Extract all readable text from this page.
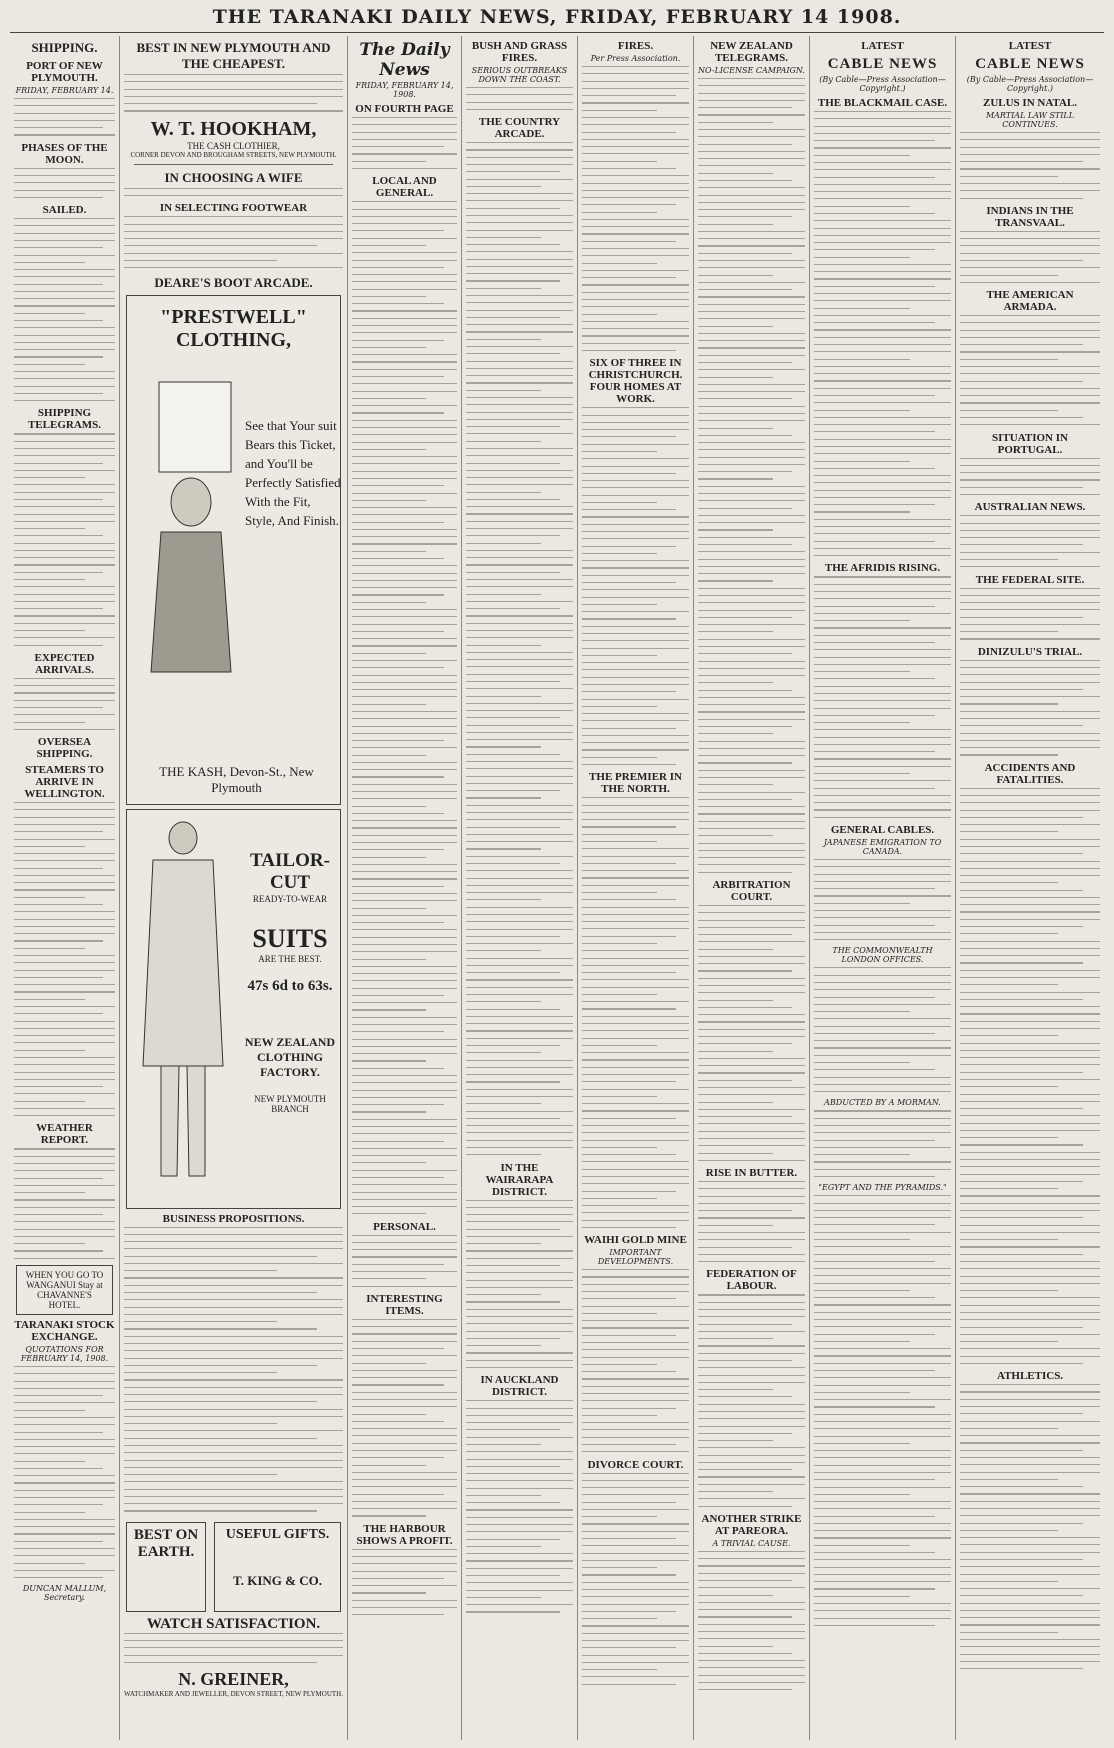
THE TARANAKI DAILY NEWS, FRIDAY, FEBRUARY 14 1908.
SHIPPING.
PORT OF NEW PLYMOUTH.
FRIDAY, FEBRUARY 14.
PHASES OF THE MOON.
SAILED.
SHIPPING TELEGRAMS.
EXPECTED ARRIVALS.
OVERSEA SHIPPING.
STEAMERS TO ARRIVE IN WELLINGTON.
WEATHER REPORT.
WHEN YOU GO TO WANGANUI Stay at CHAVANNE'S HOTEL.
TARANAKI STOCK EXCHANGE.
QUOTATIONS FOR FEBRUARY 14, 1908.
DUNCAN MALLUM, Secretary.
BEST IN NEW PLYMOUTH AND THE CHEAPEST.
W. T. HOOKHAM,
THE CASH CLOTHIER,
CORNER DEVON AND BROUGHAM STREETS, NEW PLYMOUTH.
IN CHOOSING A WIFE
IN SELECTING FOOTWEAR
DEARE'S BOOT ARCADE.
"PRESTWELL" CLOTHING,
See that Your suit Bears this Ticket, and You'll be Perfectly Satisfied With the Fit, Style, And Finish.
THE KASH, Devon-St., New Plymouth
TAILOR-CUT
READY-TO-WEAR
SUITS
ARE THE BEST.
47s 6d to 63s.
NEW ZEALAND CLOTHING FACTORY.
NEW PLYMOUTH BRANCH
BUSINESS PROPOSITIONS.
BEST ON EARTH.
USEFUL GIFTS.
T. KING & CO.
WATCH SATISFACTION.
N. GREINER,
WATCHMAKER AND JEWELLER, DEVON STREET, NEW PLYMOUTH.
The Daily News
FRIDAY, FEBRUARY 14, 1908.
ON FOURTH PAGE
LOCAL AND GENERAL.
PERSONAL.
INTERESTING ITEMS.
THE HARBOUR SHOWS A PROFIT.
BUSH AND GRASS FIRES.
SERIOUS OUTBREAKS DOWN THE COAST.
THE COUNTRY ARCADE.
IN THE WAIRARAPA DISTRICT.
IN AUCKLAND DISTRICT.
FIRES.
Per Press Association.
SIX OF THREE IN CHRISTCHURCH. FOUR HOMES AT WORK.
THE PREMIER IN THE NORTH.
WAIHI GOLD MINE
IMPORTANT DEVELOPMENTS.
DIVORCE COURT.
NEW ZEALAND TELEGRAMS.
NO-LICENSE CAMPAIGN.
ARBITRATION COURT.
RISE IN BUTTER.
FEDERATION OF LABOUR.
ANOTHER STRIKE AT PAREORA.
A TRIVIAL CAUSE.
LATEST
CABLE NEWS
(By Cable—Press Association—Copyright.)
THE BLACKMAIL CASE.
THE AFRIDIS RISING.
GENERAL CABLES.
JAPANESE EMIGRATION TO CANADA.
THE COMMONWEALTH LONDON OFFICES.
ABDUCTED BY A MORMAN.
"EGYPT AND THE PYRAMIDS."
LATEST
CABLE NEWS
(By Cable—Press Association—Copyright.)
ZULUS IN NATAL.
MARTIAL LAW STILL CONTINUES.
INDIANS IN THE TRANSVAAL.
THE AMERICAN ARMADA.
SITUATION IN PORTUGAL.
AUSTRALIAN NEWS.
THE FEDERAL SITE.
DINIZULU'S TRIAL.
ACCIDENTS AND FATALITIES.
ATHLETICS.
